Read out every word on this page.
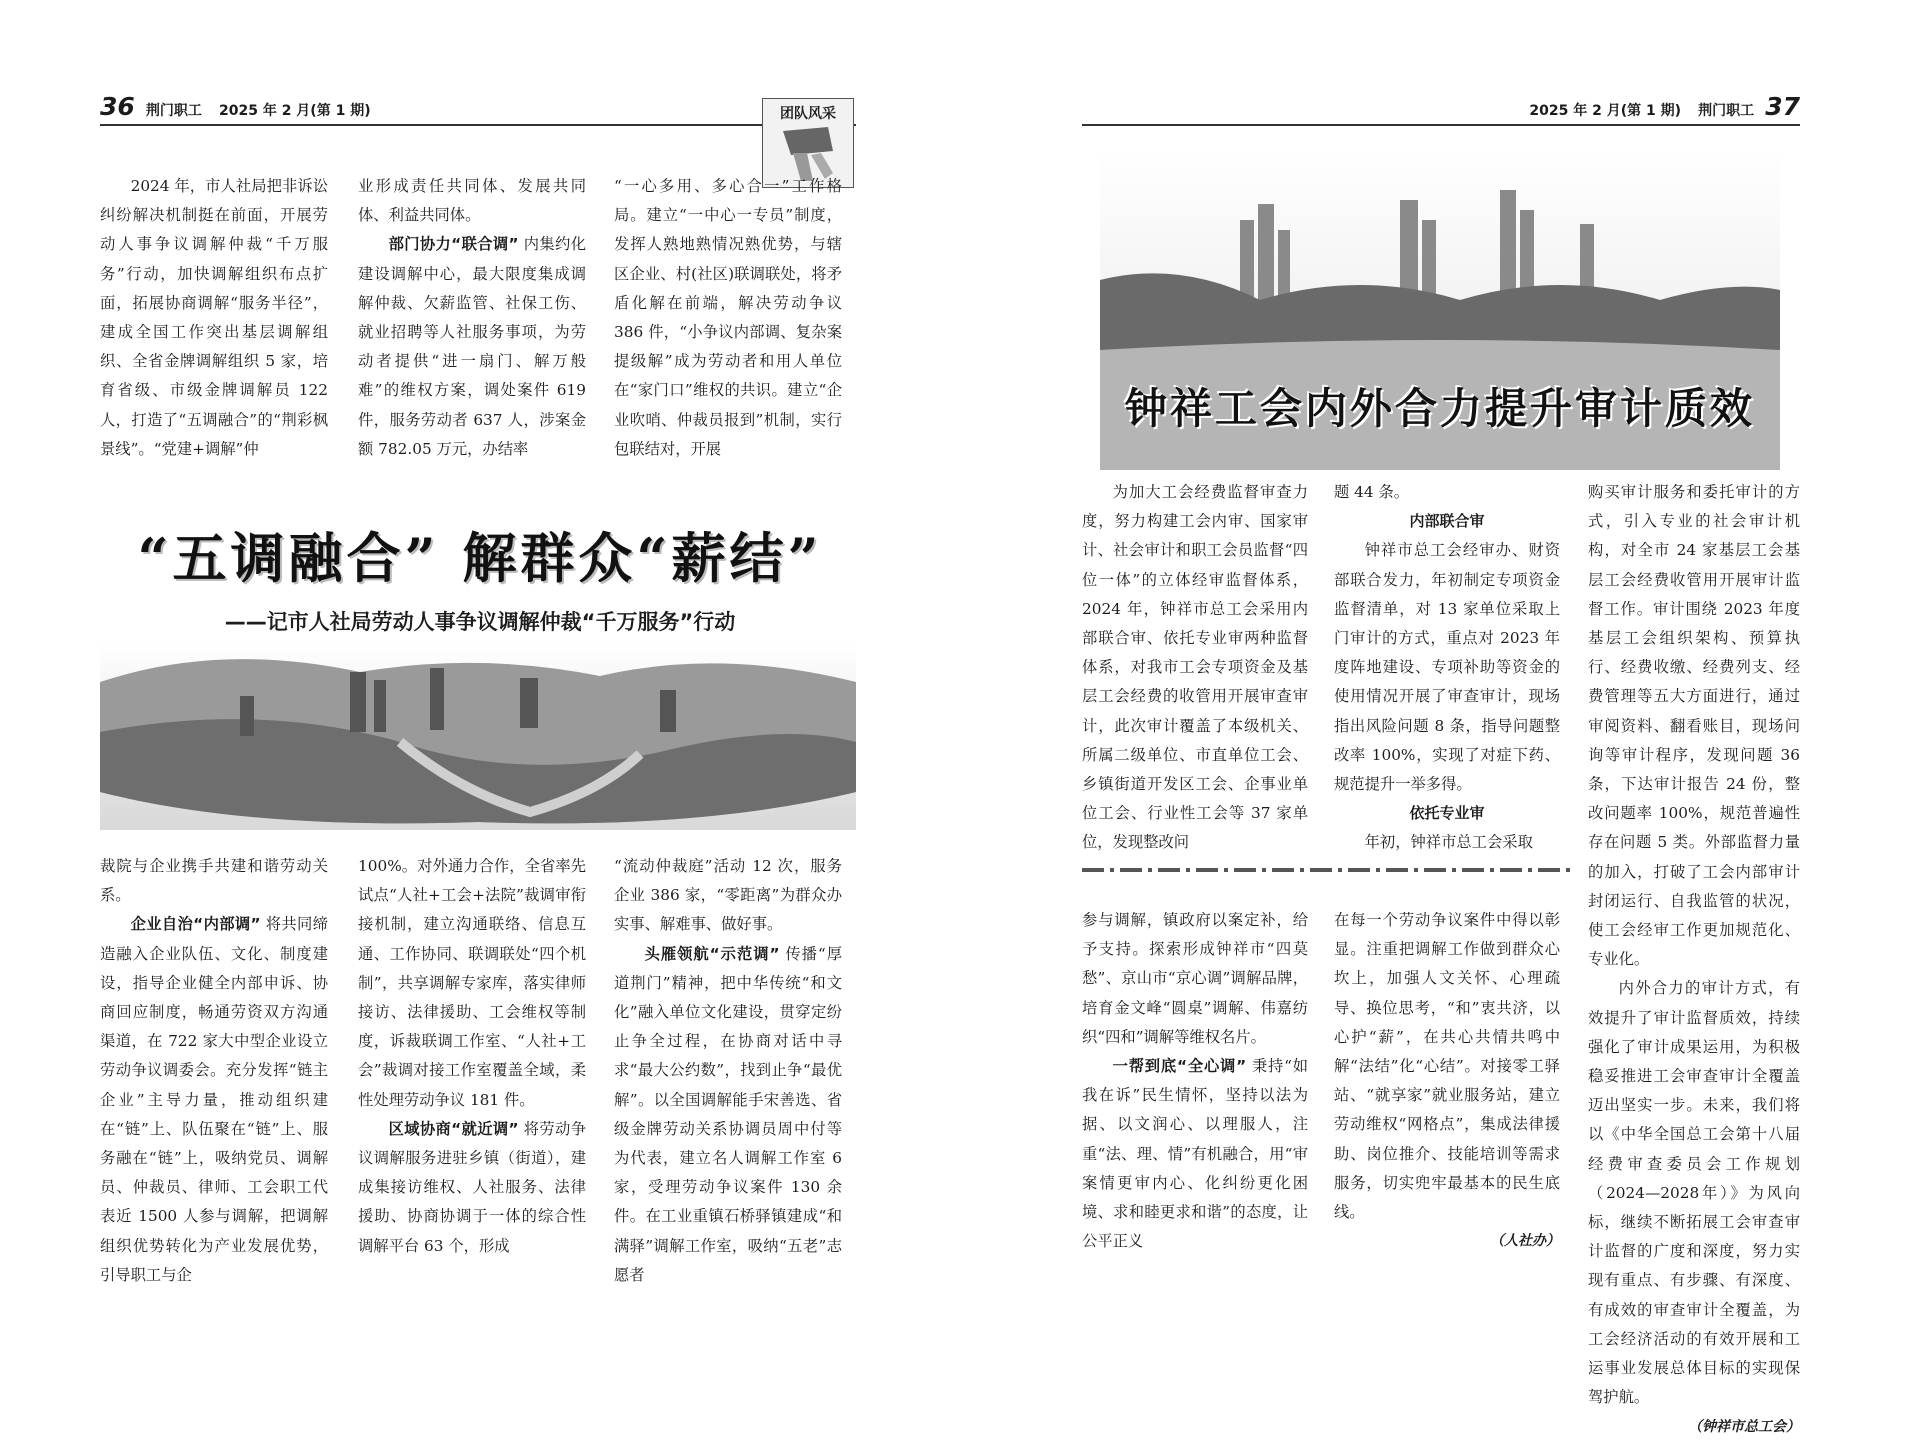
36 荆门职工 2025 年 2 月(第 1 期)	团队风采

2024 年，市人社局把非诉讼纠纷解决机制挺在前面，开展劳动人事争议调解仲裁“千万服务”行动，加快调解组织布点扩面，拓展协商调解“服务半径”，建成全国工作突出基层调解组织、全省金牌调解组织 5 家，培育省级、市级金牌调解员 122 人，打造了“五调融合”的“荆彩枫景线”。“党建+调解”仲

业形成责任共同体、发展共同体、利益共同体。

部门协力“联合调” 内集约化建设调解中心，最大限度集成调解仲裁、欠薪监管、社保工伤、就业招聘等人社服务事项，为劳动者提供“进一扇门、解万般难”的维权方案，调处案件 619 件，服务劳动者 637 人，涉案金额 782.05 万元，办结率

“一心多用、多心合一”工作格局。建立“一中心一专员”制度，发挥人熟地熟情况熟优势，与辖区企业、村(社区)联调联处，将矛盾化解在前端，解决劳动争议 386 件，“小争议内部调、复杂案提级解”成为劳动者和用人单位在“家门口”维权的共识。建立“企业吹哨、仲裁员报到”机制，实行包联结对，开展

“五调融合” 解群众“薪结”
——记市人社局劳动人事争议调解仲裁“千万服务”行动

裁院与企业携手共建和谐劳动关系。

企业自治“内部调” 将共同缔造融入企业队伍、文化、制度建设，指导企业健全内部申诉、协商回应制度，畅通劳资双方沟通渠道，在 722 家大中型企业设立劳动争议调委会。充分发挥“链主企业”主导力量，推动组织建在“链”上、队伍聚在“链”上、服务融在“链”上，吸纳党员、调解员、仲裁员、律师、工会职工代表近 1500 人参与调解，把调解组织优势转化为产业发展优势，引导职工与企

100%。对外通力合作，全省率先试点“人社+工会+法院”裁调审衔接机制，建立沟通联络、信息互通、工作协同、联调联处“四个机制”，共享调解专家库，落实律师接访、法律援助、工会维权等制度，诉裁联调工作室、“人社+工会”裁调对接工作室覆盖全域，柔性处理劳动争议 181 件。

区域协商“就近调” 将劳动争议调解服务进驻乡镇（街道），建成集接访维权、人社服务、法律援助、协商协调于一体的综合性调解平台 63 个，形成

“流动仲裁庭”活动 12 次，服务企业 386 家，“零距离”为群众办实事、解难事、做好事。

头雁领航“示范调” 传播“厚道荆门”精神，把中华传统“和文化”融入单位文化建设，贯穿定纷止争全过程，在协商对话中寻求“最大公约数”，找到止争“最优解”。以全国调解能手宋善选、省级金牌劳动关系协调员周中付等为代表，建立名人调解工作室 6 家，受理劳动争议案件 130 余件。在工业重镇石桥驿镇建成“和满驿”调解工作室，吸纳“五老”志愿者

2025 年 2 月(第 1 期) 荆门职工 37
钟祥工会内外合力提升审计质效

为加大工会经费监督审查力度，努力构建工会内审、国家审计、社会审计和职工会员监督“四位一体”的立体经审监督体系，2024 年，钟祥市总工会采用内部联合审、依托专业审两种监督体系，对我市工会专项资金及基层工会经费的收管用开展审查审计，此次审计覆盖了本级机关、所属二级单位、市直单位工会、乡镇街道开发区工会、企事业单位工会、行业性工会等 37 家单位，发现整改问

题 44 条。

内部联合审

钟祥市总工会经审办、财资部联合发力，年初制定专项资金监督清单，对 13 家单位采取上门审计的方式，重点对 2023 年度阵地建设、专项补助等资金的使用情况开展了审查审计，现场指出风险问题 8 条，指导问题整改率 100%，实现了对症下药、规范提升一举多得。

依托专业审

年初，钟祥市总工会采取

购买审计服务和委托审计的方式，引入专业的社会审计机构，对全市 24 家基层工会基层工会经费收管用开展审计监督工作。审计围绕 2023 年度基层工会组织架构、预算执行、经费收缴、经费列支、经费管理等五大方面进行，通过审阅资料、翻看账目，现场问询等审计程序，发现问题 36 条，下达审计报告 24 份，整改问题率 100%，规范普遍性存在问题 5 类。外部监督力量的加入，打破了工会内部审计封闭运行、自我监管的状况，使工会经审工作更加规范化、专业化。

内外合力的审计方式，有效提升了审计监督质效，持续强化了审计成果运用，为积极稳妥推进工会审查审计全覆盖迈出坚实一步。未来，我们将以《中华全国总工会第十八届经费审查委员会工作规划（2024—2028年）》为风向标，继续不断拓展工会审查审计监督的广度和深度，努力实现有重点、有步骤、有深度、有成效的审查审计全覆盖，为工会经济活动的有效开展和工运事业发展总体目标的实现保驾护航。

（钟祥市总工会）

参与调解，镇政府以案定补，给予支持。探索形成钟祥市“四莫愁”、京山市“京心调”调解品牌，培育金文峰“圆桌”调解、伟嘉纺织“四和”调解等维权名片。

一帮到底“全心调” 秉持“如我在诉”民生情怀，坚持以法为据、以文润心、以理服人，注重“法、理、情”有机融合，用“审案情更审内心、化纠纷更化困境、求和睦更求和谐”的态度，让公平正义

在每一个劳动争议案件中得以彰显。注重把调解工作做到群众心坎上，加强人文关怀、心理疏导、换位思考，“和”衷共济，以心护“薪”，在共心共情共鸣中解“法结”化“心结”。对接零工驿站、“就享家”就业服务站，建立劳动维权“网格点”，集成法律援助、岗位推介、技能培训等需求服务，切实兜牢最基本的民生底线。

（人社办）
